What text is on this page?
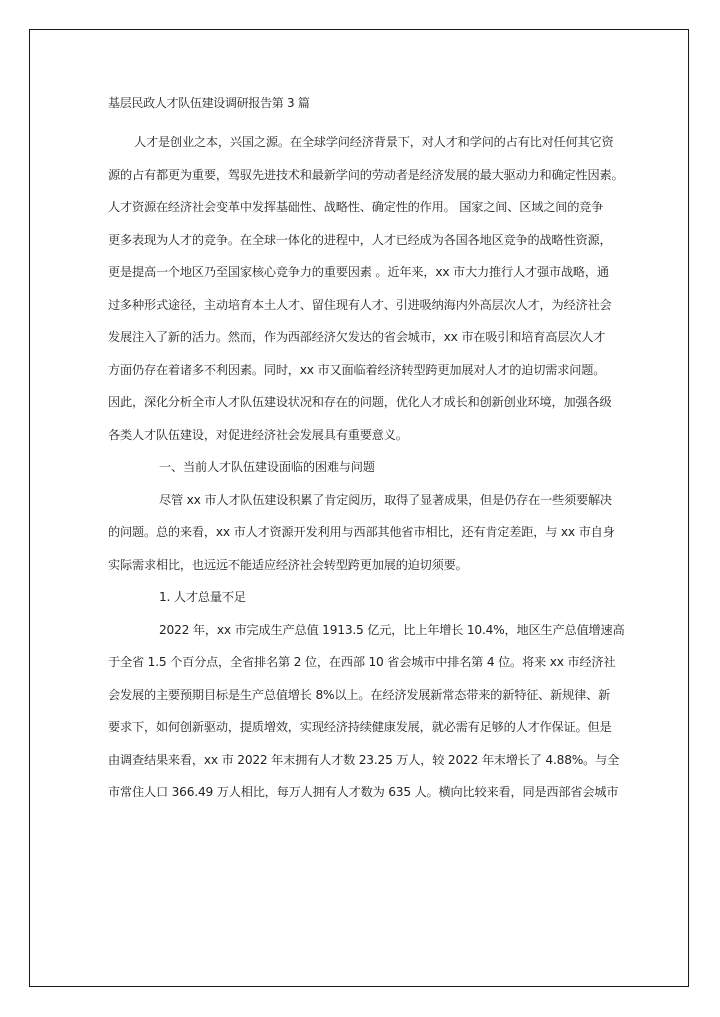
基层民政人才队伍建设调研报告第 3 篇
人才是创业之本，兴国之源。在全球学问经济背景下，对人才和学问的占有比对任何其它资
源的占有都更为重要，驾驭先进技术和最新学问的劳动者是经济发展的最大驱动力和确定性因素。
人才资源在经济社会变革中发挥基础性、战略性、确定性的作用。 国家之间、区域之间的竞争
更多表现为人才的竞争。在全球一体化的进程中，人才已经成为各国各地区竞争的战略性资源，
更是提高一个地区乃至国家核心竞争力的重要因素 。近年来，xx 市大力推行人才强市战略，通
过多种形式途径，主动培育本土人才、留住现有人才、引进吸纳海内外高层次人才，为经济社会
发展注入了新的活力。然而，作为西部经济欠发达的省会城市，xx 市在吸引和培育高层次人才
方面仍存在着诸多不利因素。同时，xx 市又面临着经济转型跨更加展对人才的迫切需求问题。
因此，深化分析全市人才队伍建设状况和存在的问题，优化人才成长和创新创业环境，加强各级
各类人才队伍建设，对促进经济社会发展具有重要意义。
一、当前人才队伍建设面临的困难与问题
尽管 xx 市人才队伍建设积累了肯定阅历，取得了显著成果，但是仍存在一些须要解决
的问题。总的来看，xx 市人才资源开发利用与西部其他省市相比，还有肯定差距，与 xx 市自身
实际需求相比，也远远不能适应经济社会转型跨更加展的迫切须要。
1. 人才总量不足
2022 年，xx 市完成生产总值 1913.5 亿元，比上年增长 10.4%，地区生产总值增速高
于全省 1.5 个百分点，全省排名第 2 位，在西部 10 省会城市中排名第 4 位。将来 xx 市经济社
会发展的主要预期目标是生产总值增长 8%以上。在经济发展新常态带来的新特征、新规律、新
要求下，如何创新驱动，提质增效，实现经济持续健康发展，就必需有足够的人才作保证。但是
由调查结果来看，xx 市 2022 年末拥有人才数 23.25 万人，较 2022 年末增长了 4.88%。与全
市常住人口 366.49 万人相比，每万人拥有人才数为 635 人。横向比较来看，同是西部省会城市
